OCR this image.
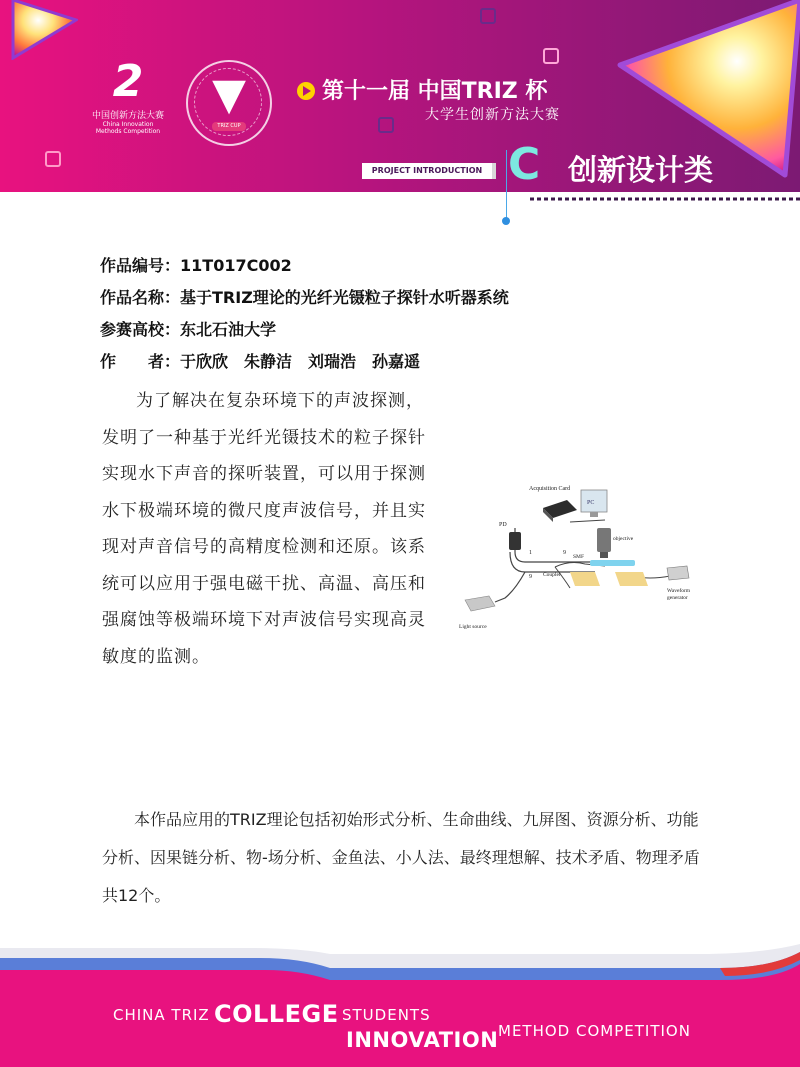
2
中国创新方法大赛
China Innovation
Methods Competition
▼
TRIZ CUP
第十一届 中国TRIZ 杯
大学生创新方法大赛
PROJECT INTRODUCTION C 创新设计类
作品编号：11T017C002
作品名称：基于TRIZ理论的光纤光镊粒子探针水听器系统
参赛高校：东北石油大学
作　　者：于欣欣　朱静洁　刘瑞浩　孙嘉遥
为了解决在复杂环境下的声波探测，发明了一种基于光纤光镊技术的粒子探针实现水下声音的探听装置，可以用于探测水下极端环境的微尺度声波信号，并且实现对声音信号的高精度检测和还原。该系统可以应用于强电磁干扰、高温、高压和强腐蚀等极端环境下对声波信号实现高灵敏度的监测。
PD
Acquisition Card
PC
objective
SMF
1	9
9 Coupler
Waveform
generator
Light source
本作品应用的TRIZ理论包括初始形式分析、生命曲线、九屏图、资源分析、功能分析、因果链分析、物-场分析、金鱼法、小人法、最终理想解、技术矛盾、物理矛盾共12个。
CHINA TRIZ COLLEGE STUDENTS
INNOVATION METHOD COMPETITION
